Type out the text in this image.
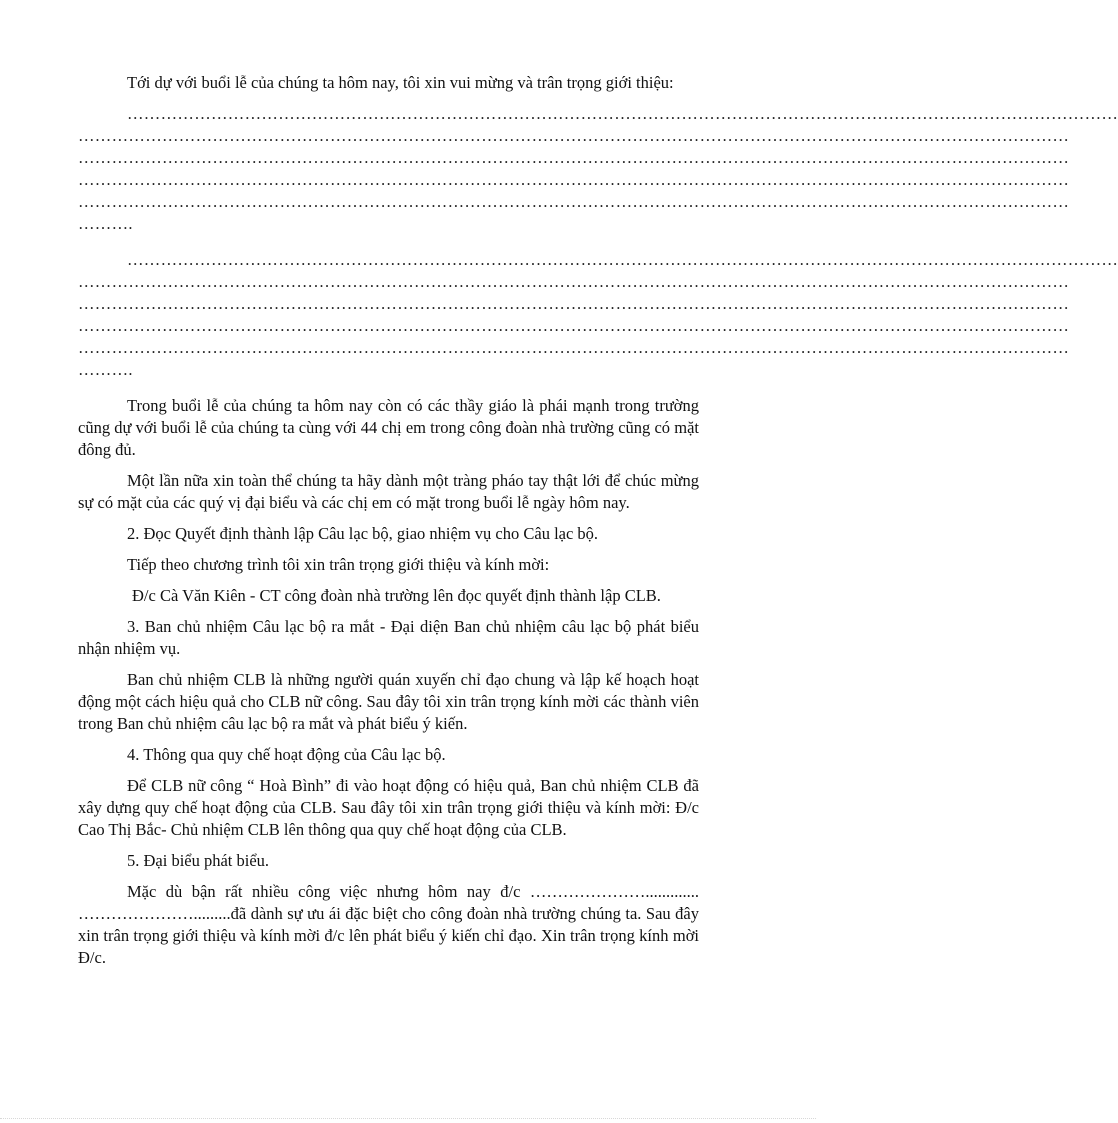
Tới dự với buổi lễ của chúng ta hôm nay, tôi xin vui mừng và trân trọng giới thiệu:

……………………………………………………………………………………………………………………………………………………………
……………………………………………………………………………………………………………………………………………………………
……………………………………………………………………………………………………………………………………………………………
……………………………………………………………………………………………………………………………………………………………
……………………………………………………………………………………………………………………………………………………………
……….
……………………………………………………………………………………………………………………………………………………………
……………………………………………………………………………………………………………………………………………………………
……………………………………………………………………………………………………………………………………………………………
……………………………………………………………………………………………………………………………………………………………
……………………………………………………………………………………………………………………………………………………………
……….

Trong buổi lễ của chúng ta hôm nay còn có các thầy giáo là phái mạnh trong trường cũng dự với buổi lễ của chúng ta cùng với 44 chị em trong công đoàn nhà trường cũng có mặt đông đủ.

Một lần nữa xin toàn thể chúng ta hãy dành một tràng pháo tay thật lới để chúc mừng sự có mặt của các quý vị đại biểu và các chị em có mặt trong buổi lễ ngày hôm nay.

2. Đọc Quyết định thành lập Câu lạc bộ, giao nhiệm vụ cho Câu lạc bộ.

Tiếp theo chương trình tôi xin trân trọng giới thiệu và kính mời:

Đ/c Cà Văn Kiên - CT công đoàn nhà trường lên đọc quyết định thành lập CLB.

3. Ban chủ nhiệm Câu lạc bộ ra mắt - Đại diện Ban chủ nhiệm câu lạc bộ phát biểu nhận nhiệm vụ.

Ban chủ nhiệm CLB là những người quán xuyến chỉ đạo chung và lập kế hoạch hoạt động một cách hiệu quả cho CLB nữ công. Sau đây tôi xin trân trọng kính mời các thành viên trong Ban chủ nhiệm câu lạc bộ ra mắt và phát biểu ý kiến.

4. Thông qua quy chế hoạt động của Câu lạc bộ.

Để CLB nữ công “ Hoà Bình” đi vào hoạt động có hiệu quả, Ban chủ nhiệm CLB đã xây dựng quy chế hoạt động của CLB. Sau đây tôi xin trân trọng giới thiệu và kính mời: Đ/c Cao Thị Bắc- Chủ nhiệm CLB lên thông qua quy chế hoạt động của CLB.

5. Đại biểu phát biểu.

Mặc dù bận rất nhiều công việc nhưng hôm nay đ/c …………………............. ………………….........đã dành sự ưu ái đặc biệt cho công đoàn nhà trường chúng ta. Sau đây xin trân trọng giới thiệu và kính mời đ/c lên phát biểu ý kiến chỉ đạo. Xin trân trọng kính mời Đ/c.
